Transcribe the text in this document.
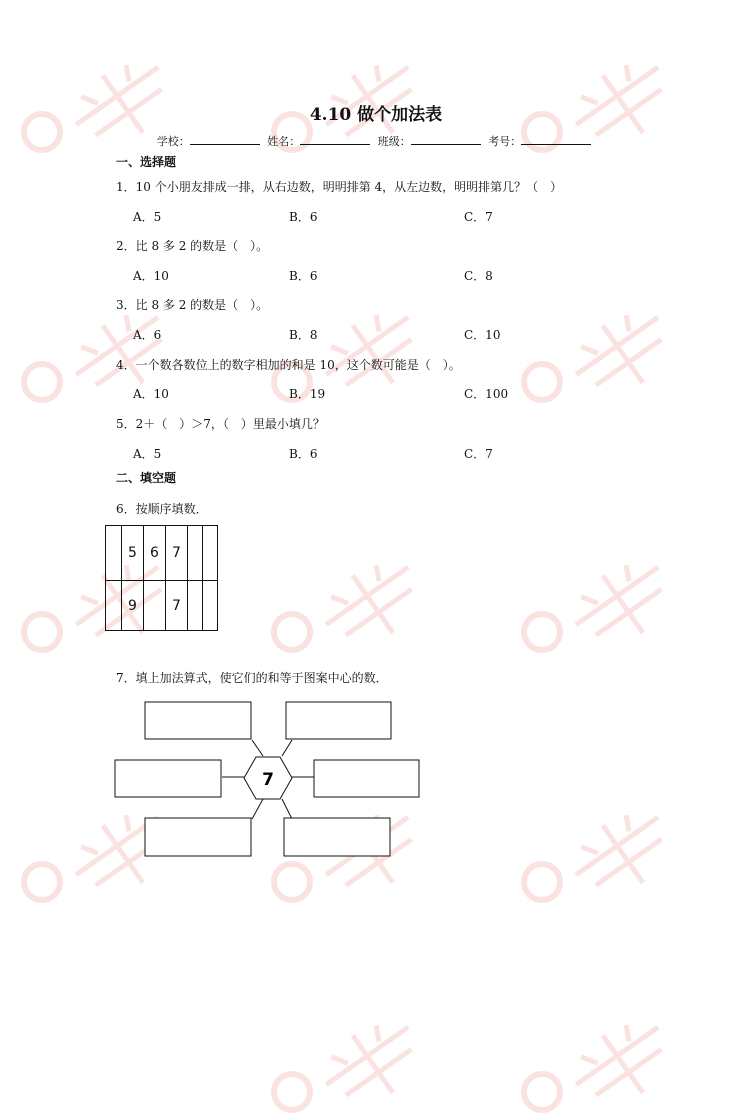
4.10 做个加法表
学校：	姓名：	班级：	考号：
一、选择题
1．10 个小朋友排成一排，从右边数，明明排第 4，从左边数，明明排第几？（　）
A．5	B．6	C．7
2．比 8 多 2 的数是（　）。
A．10	B．6	C．8
3．比 8 多 2 的数是（　）。
A．6	B．8	C．10
4．一个数各数位上的数字相加的和是 10，这个数可能是（　）。
A．10	B．19	C．100
5．2＋（　）＞7，（　）里最小填几？
A．5	B．6	C．7
二、填空题
6．按顺序填数．
	5	6	7		
	9		7		
7．填上加法算式，使它们的和等于图案中心的数．
7
